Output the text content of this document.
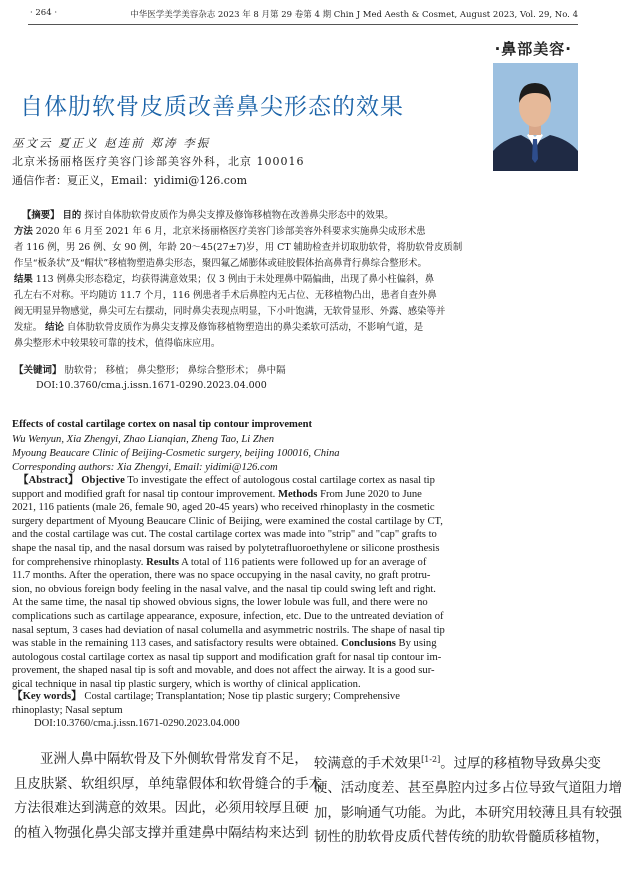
· 264 ·	中华医学美学美容杂志 2023 年 8 月第 29 卷第 4 期 Chin J Med Aesth & Cosmet, August 2023, Vol. 29, No. 4
·鼻部美容·
自体肋软骨皮质改善鼻尖形态的效果
巫文云 夏正义 赵连前 郑涛 李振
北京米扬丽格医疗美容门诊部美容外科，北京 100016
通信作者：夏正义，Email：yidimi@126.com
【摘要】 目的 探讨自体肋软骨皮质作为鼻尖支撑及修饰移植物在改善鼻尖形态中的效果。
方法 2020 年 6 月至 2021 年 6 月，北京米扬丽格医疗美容门诊部美容外科要求实施鼻尖成形术患
者 116 例，男 26 例、女 90 例，年龄 20～45(27±7)岁，用 CT 辅助检查并切取肋软骨，将肋软骨皮质制
作呈“板条状”及“帽状”移植物塑造鼻尖形态，聚四氟乙烯膨体或硅胶假体抬高鼻背行鼻综合整形术。
结果 113 例鼻尖形态稳定，均获得满意效果；仅 3 例由于未处理鼻中隔偏曲，出现了鼻小柱偏斜，鼻
孔左右不对称。平均随访 11.7 个月，116 例患者手术后鼻腔内无占位、无移植物凸出，患者自查外鼻
阀无明显异物感觉，鼻尖可左右摆动，同时鼻尖表现点明显，下小叶饱满，无软骨显形、外露、感染等并
发症。 结论 自体肋软骨皮质作为鼻尖支撑及修饰移植物塑造出的鼻尖柔软可活动，不影响气道，是
鼻尖整形术中较果较可靠的技术，值得临床应用。
【关键词】 肋软骨； 移植； 鼻尖整形； 鼻综合整形术； 鼻中隔
DOI:10.3760/cma.j.issn.1671-0290.2023.04.000
Effects of costal cartilage cortex on nasal tip contour improvement
Wu Wenyun, Xia Zhengyi, Zhao Lianqian, Zheng Tao, Li Zhen
Myoung Beaucare Clinic of Beijing-Cosmetic surgery, beijing 100016, China
Corresponding authors: Xia Zhengyi, Email: yidimi@126.com
【Abstract】 Objective To investigate the effect of autologous costal cartilage cortex as nasal tip
support and modified graft for nasal tip contour improvement. Methods From June 2020 to June
2021, 116 patients (male 26, female 90, aged 20-45 years) who received rhinoplasty in the cosmetic
surgery department of Myoung Beaucare Clinic of Beijing, were examined the costal cartilage by CT,
and the costal cartilage was cut. The costal cartilage cortex was made into "strip" and "cap" grafts to
shape the nasal tip, and the nasal dorsum was raised by polytetrafluoroethylene or silicone prosthesis
for comprehensive rhinoplasty. Results A total of 116 patients were followed up for an average of
11.7 months. After the operation, there was no space occupying in the nasal cavity, no graft protru-
sion, no obvious foreign body feeling in the nasal valve, and the nasal tip could swing left and right.
At the same time, the nasal tip showed obvious signs, the lower lobule was full, and there were no
complications such as cartilage appearance, exposure, infection, etc. Due to the untreated deviation of
nasal septum, 3 cases had deviation of nasal columella and asymmetric nostrils. The shape of nasal tip
was stable in the remaining 113 cases, and satisfactory results were obtained. Conclusions By using
autologous costal cartilage cortex as nasal tip support and modification graft for nasal tip contour im-
provement, the shaped nasal tip is soft and movable, and does not affect the airway. It is a good sur-
gical technique in nasal tip plastic surgery, which is worthy of clinical application.
【Key words】 Costal cartilage; Transplantation; Nose tip plastic surgery; Comprehensive
rhinoplasty; Nasal septum
DOI:10.3760/cma.j.issn.1671-0290.2023.04.000
亚洲人鼻中隔软骨及下外侧软骨常发育不足，
且皮肤紧、软组织厚，单纯靠假体和软骨缝合的手术
方法很难达到满意的效果。因此，必须用较厚且硬
的植入物强化鼻尖部支撑并重建鼻中隔结构来达到
较满意的手术效果[1-2]。过厚的移植物导致鼻尖变
硬、活动度差、甚至鼻腔内过多占位导致气道阻力增
加，影响通气功能。为此，本研究用较薄且具有较强
韧性的肋软骨皮质代替传统的肋软骨髓质移植物，
